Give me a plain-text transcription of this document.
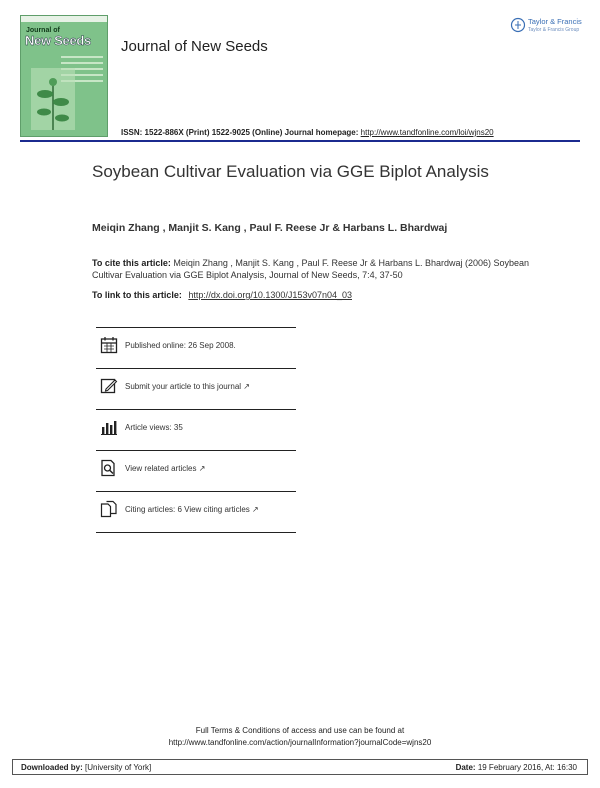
Journal of
New Seeds Journal of New Seeds
Taylor & Francis
Taylor & Francis Group
ISSN: 1522-886X (Print) 1522-9025 (Online) Journal homepage: http://www.tandfonline.com/loi/wjns20
Soybean Cultivar Evaluation via GGE Biplot Analysis
Meiqin Zhang , Manjit S. Kang , Paul F. Reese Jr & Harbans L. Bhardwaj
To cite this article: Meiqin Zhang , Manjit S. Kang , Paul F. Reese Jr & Harbans L. Bhardwaj (2006) Soybean Cultivar Evaluation via GGE Biplot Analysis, Journal of New Seeds, 7:4, 37-50
To link to this article: http://dx.doi.org/10.1300/J153v07n04_03
Published online: 26 Sep 2008.
Submit your article to this journal ↗
Article views: 35
View related articles ↗
Citing articles: 6 View citing articles ↗
Full Terms & Conditions of access and use can be found at
http://www.tandfonline.com/action/journalInformation?journalCode=wjns20
Downloaded by: [University of York]	Date: 19 February 2016, At: 16:30
